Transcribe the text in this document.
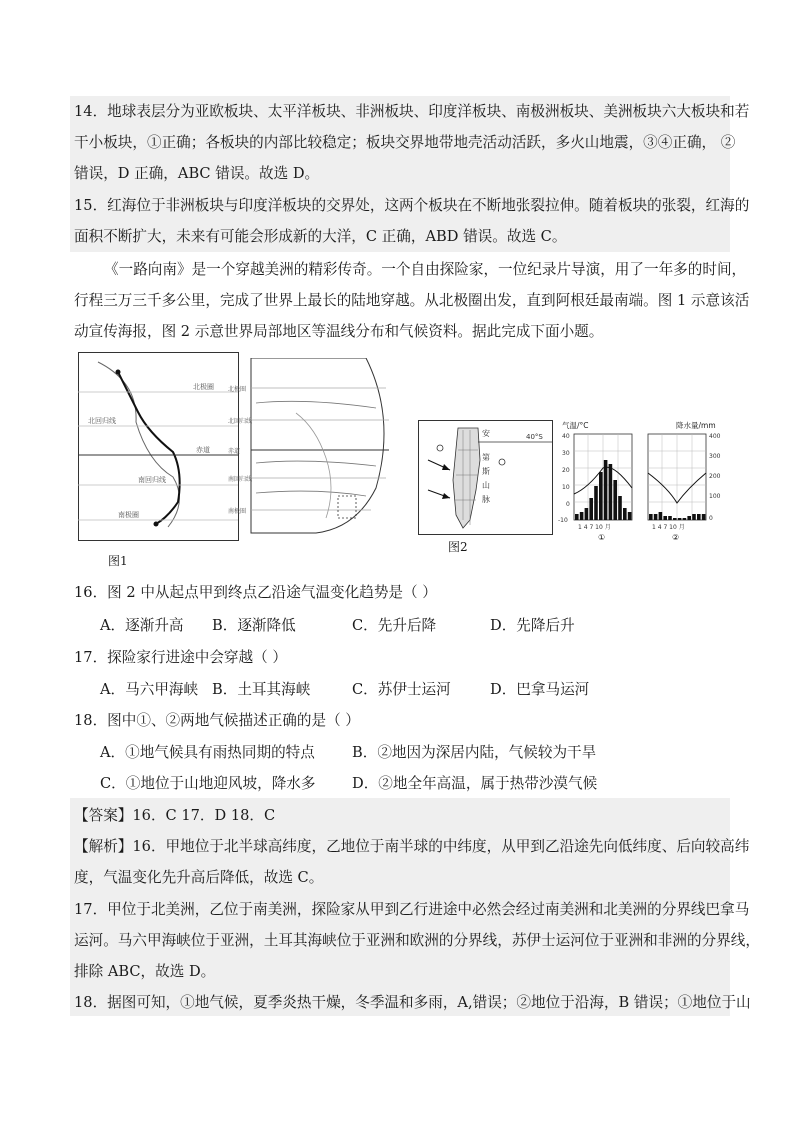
14．地球表层分为亚欧板块、太平洋板块、非洲板块、印度洋板块、南极洲板块、美洲板块六大板块和若
干小板块，①正确；各板块的内部比较稳定；板块交界地带地壳活动活跃，多火山地震，③④正确， ②
错误，D 正确，ABC 错误。故选 D。
15．红海位于非洲板块与印度洋板块的交界处，这两个板块在不断地张裂拉伸。随着板块的张裂，红海的
面积不断扩大，未来有可能会形成新的大洋，C 正确，ABD 错误。故选 C。
《一路向南》是一个穿越美洲的精彩传奇。一个自由探险家，一位纪录片导演，用了一年多的时间，
行程三万三千多公里，完成了世界上最长的陆地穿越。从北极圈出发，直到阿根廷最南端。图 1 示意该活
动宣传海报，图 2 示意世界局部地区等温线分布和气候资料。据此完成下面小题。
北极圈
北回归线
赤道
南回归线
南极圈
图1
北极圈
北回归线
赤道
南回归线
南极圈
40°S
安
第
斯
山
脉
图2
气温/°C	降水量/mm
40
30
20
10
0
-10
400
300
200
100
0
1 4 7 10 月	1 4 7 10 月
①	②
16．图 2 中从起点甲到终点乙沿途气温变化趋势是（ ）
A．逐渐升高 B．逐渐降低	C．先升后降	D．先降后升
17．探险家行进途中会穿越（ ）
A．马六甲海峡 B．土耳其海峡	C．苏伊士运河	D．巴拿马运河
18．图中①、②两地气候描述正确的是（ ）
A．①地气候具有雨热同期的特点	B．②地因为深居内陆，气候较为干旱
C．①地位于山地迎风坡，降水多	D．②地全年高温，属于热带沙漠气候
【答案】16．C 17．D 18．C
【解析】16．甲地位于北半球高纬度，乙地位于南半球的中纬度，从甲到乙沿途先向低纬度、后向较高纬
度，气温变化先升高后降低，故选 C。
17．甲位于北美洲，乙位于南美洲，探险家从甲到乙行进途中必然会经过南美洲和北美洲的分界线巴拿马
运河。马六甲海峡位于亚洲，土耳其海峡位于亚洲和欧洲的分界线，苏伊士运河位于亚洲和非洲的分界线，
排除 ABC，故选 D。
18．据图可知，①地气候，夏季炎热干燥，冬季温和多雨，A,错误；②地位于沿海，B 错误；①地位于山
